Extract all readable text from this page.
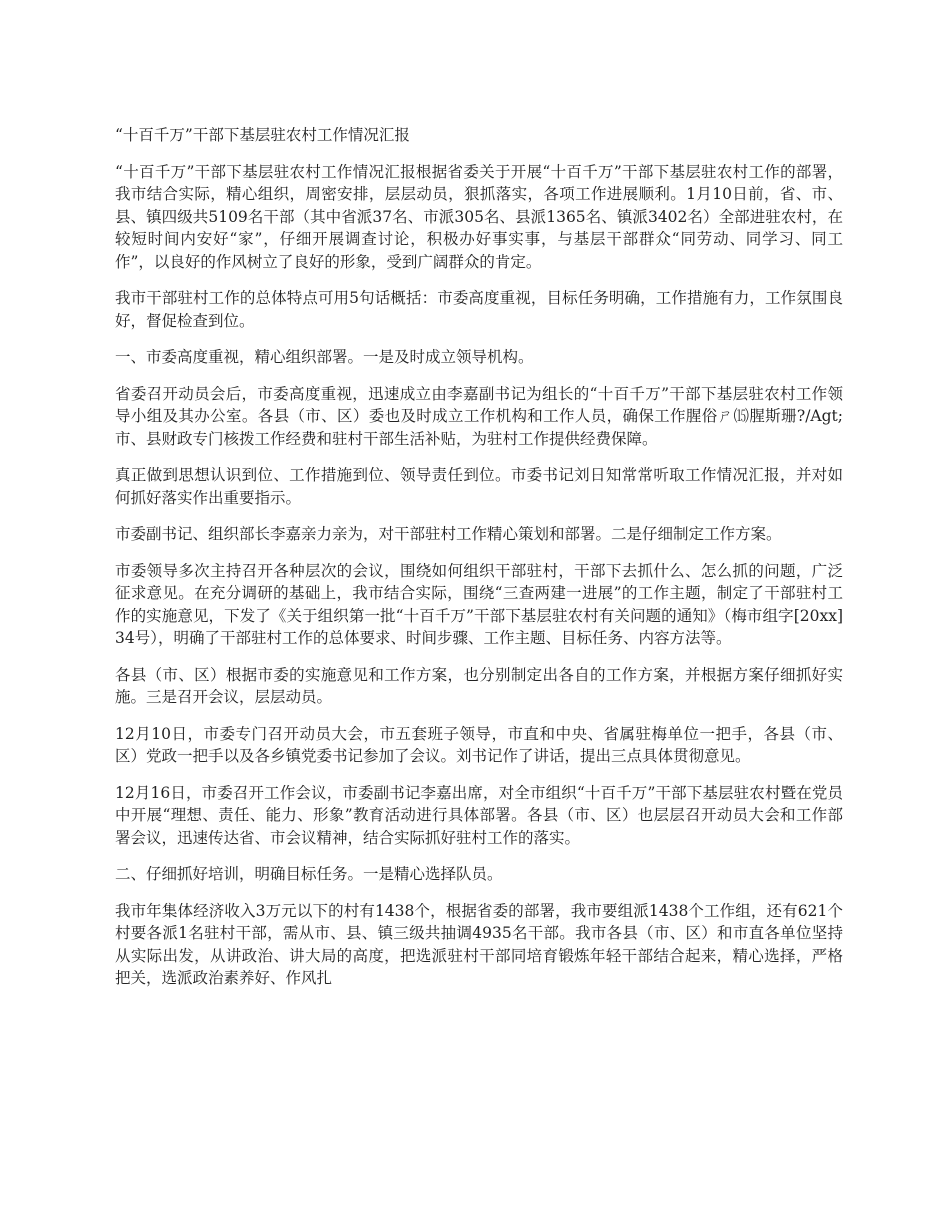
“十百千万”干部下基层驻农村工作情况汇报

“十百千万”干部下基层驻农村工作情况汇报根据省委关于开展“十百千万”干部下基层驻农村工作的部署，我市结合实际，精心组织，周密安排，层层动员，狠抓落实，各项工作进展顺利。1月10日前，省、市、县、镇四级共5109名干部（其中省派37名、市派305名、县派1365名、镇派3402名）全部进驻农村，在较短时间内安好“家”，仔细开展调查讨论，积极办好事实事，与基层干部群众“同劳动、同学习、同工作”，以良好的作风树立了良好的形象，受到广阔群众的肯定。

我市干部驻村工作的总体特点可用5句话概括：市委高度重视，目标任务明确，工作措施有力，工作氛围良好，督促检查到位。

一、市委高度重视，精心组织部署。一是及时成立领导机构。

省委召开动员会后，市委高度重视，迅速成立由李嘉副书记为组长的“十百千万”干部下基层驻农村工作领导小组及其办公室。各县（市、区）委也及时成立工作机构和工作人员，确保工作腥俗ㄕ⒂腥斯珊?/Agt;市、县财政专门核拨工作经费和驻村干部生活补贴，为驻村工作提供经费保障。

真正做到思想认识到位、工作措施到位、领导责任到位。市委书记刘日知常常听取工作情况汇报，并对如何抓好落实作出重要指示。

市委副书记、组织部长李嘉亲力亲为，对干部驻村工作精心策划和部署。二是仔细制定工作方案。

市委领导多次主持召开各种层次的会议，围绕如何组织干部驻村，干部下去抓什么、怎么抓的问题，广泛征求意见。在充分调研的基础上，我市结合实际，围绕“三查两建一进展”的工作主题，制定了干部驻村工作的实施意见，下发了《关于组织第一批“十百千万”干部下基层驻农村有关问题的通知》（梅市组字[20xx]34号），明确了干部驻村工作的总体要求、时间步骤、工作主题、目标任务、内容方法等。

各县（市、区）根据市委的实施意见和工作方案，也分别制定出各自的工作方案，并根据方案仔细抓好实施。三是召开会议，层层动员。

12月10日，市委专门召开动员大会，市五套班子领导，市直和中央、省属驻梅单位一把手，各县（市、区）党政一把手以及各乡镇党委书记参加了会议。刘书记作了讲话，提出三点具体贯彻意见。

12月16日，市委召开工作会议，市委副书记李嘉出席，对全市组织“十百千万”干部下基层驻农村暨在党员中开展“理想、责任、能力、形象”教育活动进行具体部署。各县（市、区）也层层召开动员大会和工作部署会议，迅速传达省、市会议精神，结合实际抓好驻村工作的落实。

二、仔细抓好培训，明确目标任务。一是精心选择队员。

我市年集体经济收入3万元以下的村有1438个，根据省委的部署，我市要组派1438个工作组，还有621个村要各派1名驻村干部，需从市、县、镇三级共抽调4935名干部。我市各县（市、区）和市直各单位坚持从实际出发，从讲政治、讲大局的高度，把选派驻村干部同培育锻炼年轻干部结合起来，精心选择，严格把关，选派政治素养好、作风扎
